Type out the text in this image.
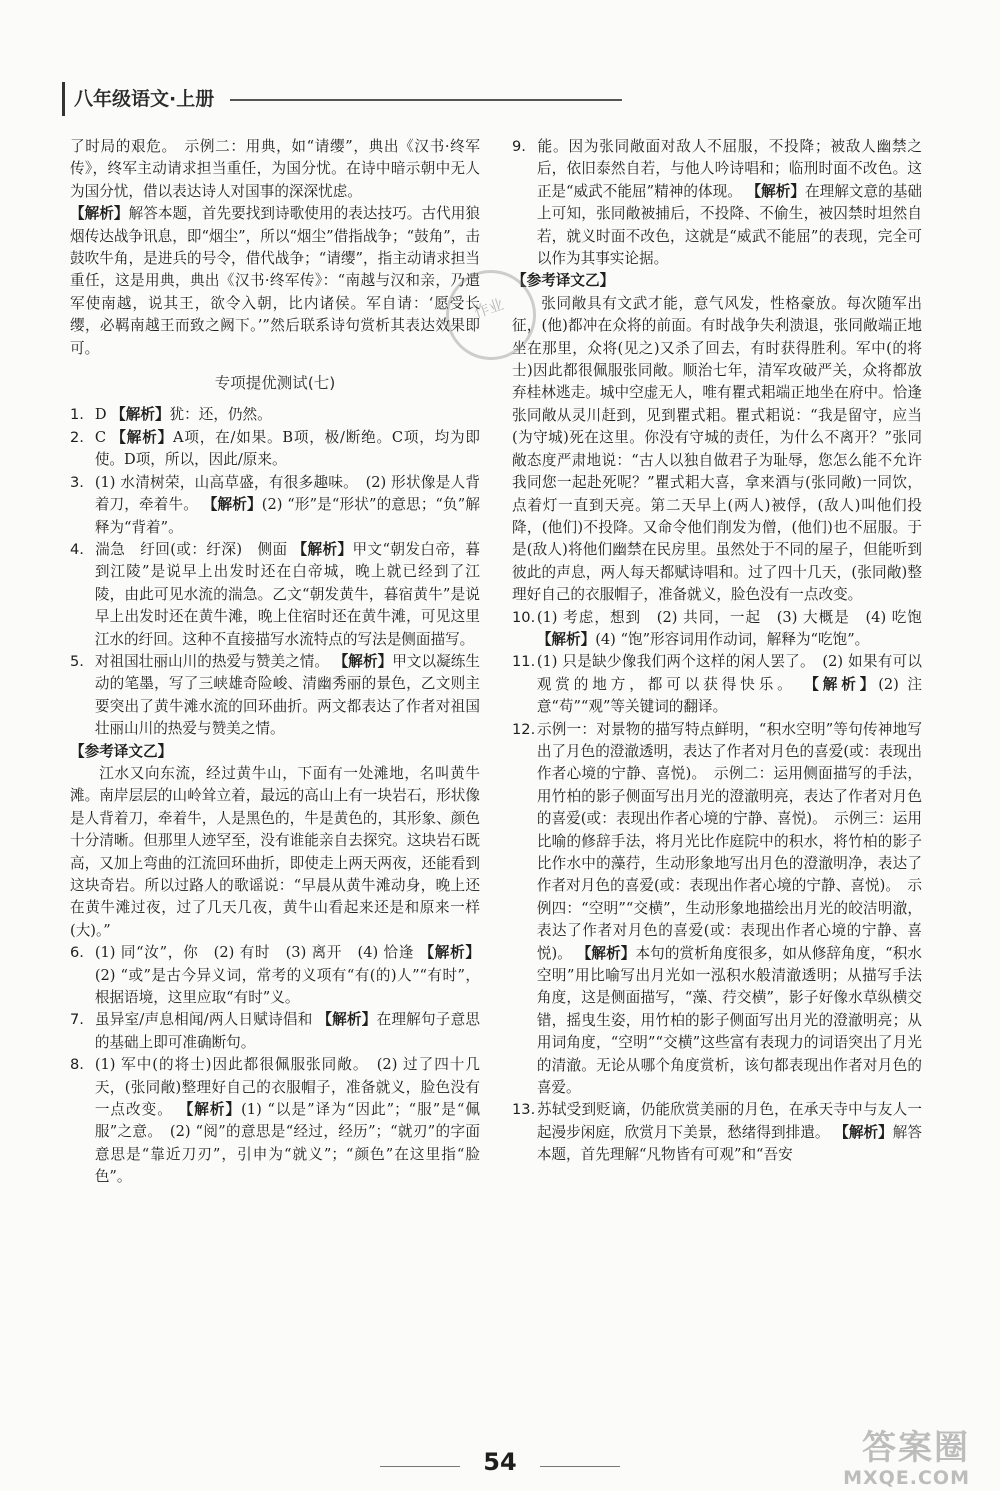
八年级语文·上册

了时局的艰危。　示例二：用典，如“请缨”，典出《汉书·终军传》，终军主动请求担当重任，为国分忧。在诗中暗示朝中无人为国分忧，借以表达诗人对国事的深深忧虑。

【解析】解答本题，首先要找到诗歌使用的表达技巧。古代用狼烟传达战争讯息，即“烟尘”，所以“烟尘”借指战争；“鼓角”，击鼓吹牛角，是进兵的号令，借代战争；“请缨”，指主动请求担当重任，这是用典，典出《汉书·终军传》：“南越与汉和亲，乃遣军使南越，说其王，欲令入朝，比内诸侯。军自请：‘愿受长缨，必羁南越王而致之阙下。’”然后联系诗句赏析其表达效果即可。

专项提优测试(七)

1. D 【解析】犹：还，仍然。

2. C 【解析】A项，在/如果。B项，极/断绝。C项，均为即使。D项，所以，因此/原来。

3. (1) 水清树荣，山高草盛，有很多趣味。　(2) 形状像是人背着刀，牵着牛。 【解析】(2) “形”是“形状”的意思；“负”解释为“背着”。

4. 湍急　纡回(或：纡深)　侧面 【解析】甲文“朝发白帝，暮到江陵”是说早上出发时还在白帝城，晚上就已经到了江陵，由此可见水流的湍急。乙文“朝发黄牛，暮宿黄牛”是说早上出发时还在黄牛滩，晚上住宿时还在黄牛滩，可见这里江水的纡回。这种不直接描写水流特点的写法是侧面描写。

5. 对祖国壮丽山川的热爱与赞美之情。 【解析】甲文以凝练生动的笔墨，写了三峡雄奇险峻、清幽秀丽的景色，乙文则主要突出了黄牛滩水流的回环曲折。两文都表达了作者对祖国壮丽山川的热爱与赞美之情。

【参考译文乙】

江水又向东流，经过黄牛山，下面有一处滩地，名叫黄牛滩。南岸层层的山岭耸立着，最远的高山上有一块岩石，形状像是人背着刀，牵着牛，人是黑色的，牛是黄色的，其形象、颜色十分清晰。但那里人迹罕至，没有谁能亲自去探究。这块岩石既高，又加上弯曲的江流回环曲折，即使走上两天两夜，还能看到这块奇岩。所以过路人的歌谣说：“早晨从黄牛滩动身，晚上还在黄牛滩过夜，过了几天几夜，黄牛山看起来还是和原来一样(大)。”

6. (1) 同“汝”，你　(2) 有时　(3) 离开　(4) 恰逢 【解析】(2) “或”是古今异义词，常考的义项有“有(的)人”“有时”，根据语境，这里应取“有时”义。

7. 虽异室/声息相闻/两人日赋诗倡和 【解析】在理解句子意思的基础上即可准确断句。

8. (1) 军中(的将士)因此都很佩服张同敞。　(2) 过了四十几天，(张同敞)整理好自己的衣服帽子，准备就义，脸色没有一点改变。 【解析】(1) “以是”译为“因此”；“服”是“佩服”之意。　(2) “阅”的意思是“经过，经历”；“就刃”的字面意思是“靠近刀刃”，引申为“就义”；“颜色”在这里指“脸色”。

9. 能。因为张同敞面对敌人不屈服，不投降；被敌人幽禁之后，依旧泰然自若，与他人吟诗唱和；临刑时面不改色。这正是“威武不能屈”精神的体现。 【解析】在理解文意的基础上可知，张同敞被捕后，不投降、不偷生，被囚禁时坦然自若，就义时面不改色，这就是“威武不能屈”的表现，完全可以作为其事实论据。

【参考译文乙】

张同敞具有文武才能，意气风发，性格豪放。每次随军出征，(他)都冲在众将的前面。有时战争失利溃退，张同敞端正地坐在那里，众将(见之)又杀了回去，有时获得胜利。军中(的将士)因此都很佩服张同敞。顺治七年，清军攻破严关，众将都放弃桂林逃走。城中空虚无人，唯有瞿式耜端正地坐在府中。恰逢张同敞从灵川赶到，见到瞿式耜。瞿式耜说：“我是留守，应当(为守城)死在这里。你没有守城的责任，为什么不离开？”张同敞态度严肃地说：“古人以独自做君子为耻辱，您怎么能不允许我同您一起赴死呢？”瞿式耜大喜，拿来酒与(张同敞)一同饮，点着灯一直到天亮。第二天早上(两人)被俘，(敌人)叫他们投降，(他们)不投降。又命令他们削发为僧，(他们)也不屈服。于是(敌人)将他们幽禁在民房里。虽然处于不同的屋子，但能听到彼此的声息，两人每天都赋诗唱和。过了四十几天，(张同敞)整理好自己的衣服帽子，准备就义，脸色没有一点改变。

10. (1) 考虑，想到　(2) 共同，一起　(3) 大概是　(4) 吃饱 【解析】(4) “饱”形容词用作动词，解释为“吃饱”。

11. (1) 只是缺少像我们两个这样的闲人罢了。　(2) 如果有可以观赏的地方，都可以获得快乐。 【解析】(2) 注意“苟”“观”等关键词的翻译。

12. 示例一：对景物的描写特点鲜明，“积水空明”等句传神地写出了月色的澄澈透明，表达了作者对月色的喜爱(或：表现出作者心境的宁静、喜悦)。　示例二：运用侧面描写的手法，用竹柏的影子侧面写出月光的澄澈明亮，表达了作者对月色的喜爱(或：表现出作者心境的宁静、喜悦)。　示例三：运用比喻的修辞手法，将月光比作庭院中的积水，将竹柏的影子比作水中的藻荇，生动形象地写出月色的澄澈明净，表达了作者对月色的喜爱(或：表现出作者心境的宁静、喜悦)。　示例四：“空明”“交横”，生动形象地描绘出月光的皎洁明澈，表达了作者对月色的喜爱(或：表现出作者心境的宁静、喜悦)。 【解析】本句的赏析角度很多，如从修辞角度，“积水空明”用比喻写出月光如一泓积水般清澈透明；从描写手法角度，这是侧面描写，“藻、荇交横”，影子好像水草纵横交错，摇曳生姿，用竹柏的影子侧面写出月光的澄澈明亮；从用词角度，“空明”“交横”这些富有表现力的词语突出了月光的清澈。无论从哪个角度赏析，该句都表现出作者对月色的喜爱。

13. 苏轼受到贬谪，仍能欣赏美丽的月色，在承天寺中与友人一起漫步闲庭，欣赏月下美景，愁绪得到排遣。 【解析】解答本题，首先理解“凡物皆有可观”和“吾安

作业
54	答案圈
MXQE.COM
